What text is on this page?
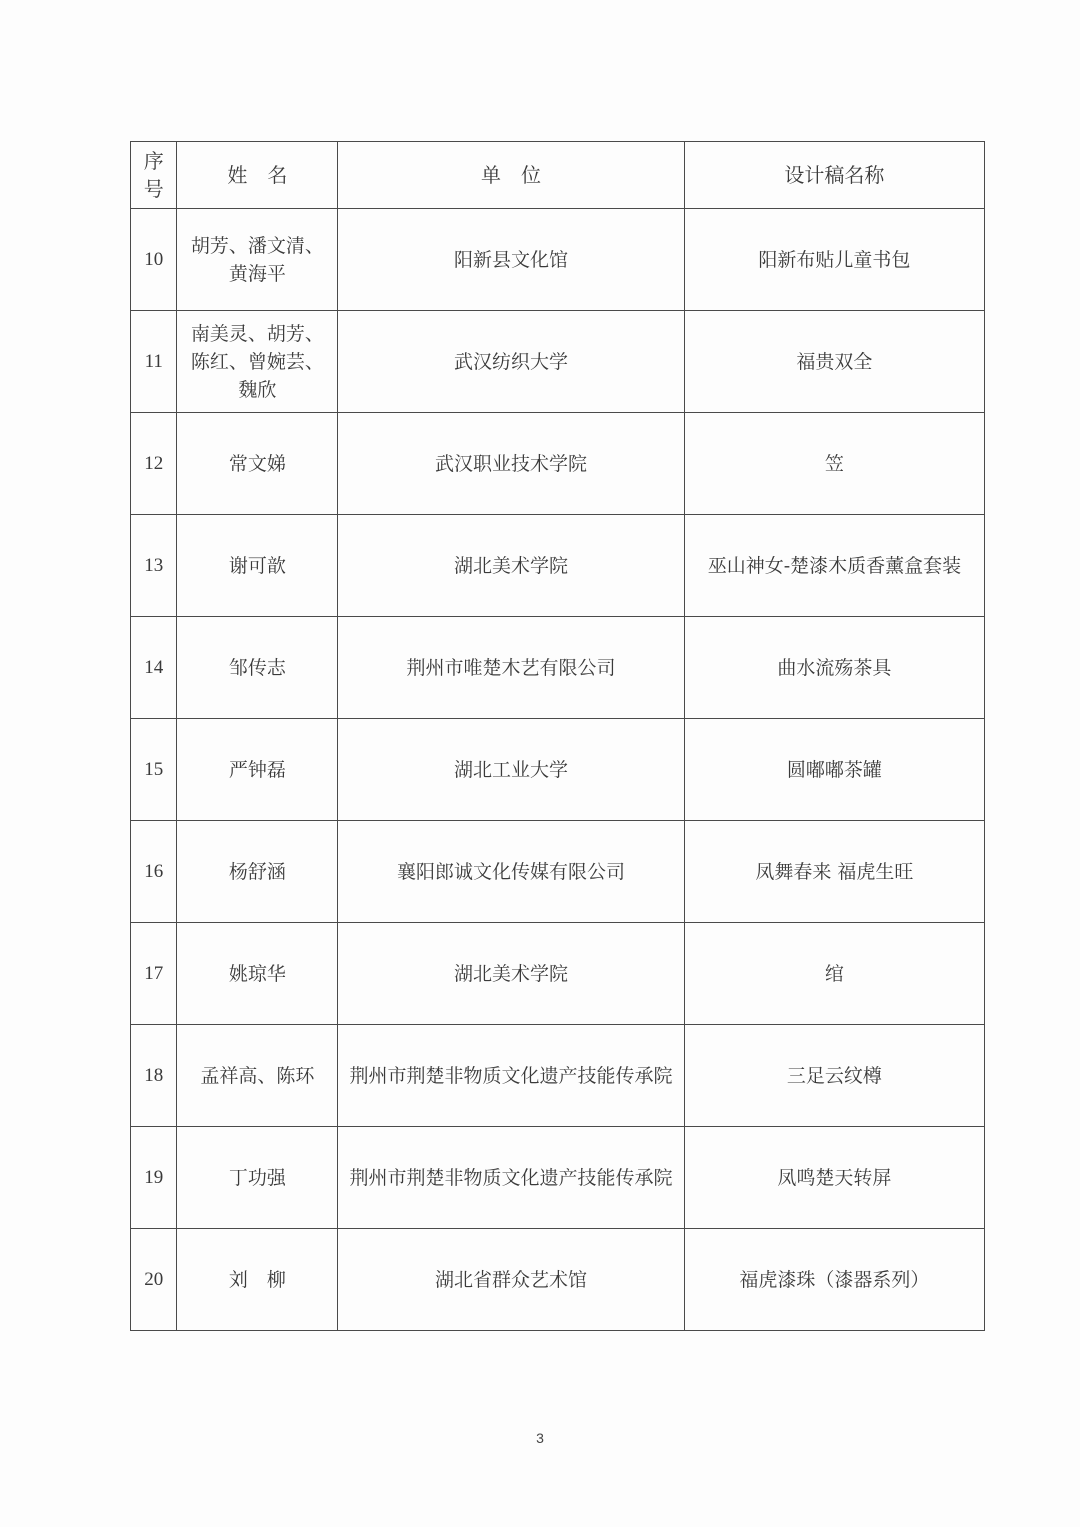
序
号	姓　名	单　位	设计稿名称
10	胡芳、潘文清、黄海平	阳新县文化馆	阳新布贴儿童书包
11	南美灵、胡芳、陈红、曾婉芸、魏欣	武汉纺织大学	福贵双全
12	常文娣	武汉职业技术学院	笠
13	谢可歆	湖北美术学院	巫山神女-楚漆木质香薰盒套装
14	邹传志	荆州市唯楚木艺有限公司	曲水流殇茶具
15	严钟磊	湖北工业大学	圆嘟嘟茶罐
16	杨舒涵	襄阳郎诚文化传媒有限公司	凤舞春来 福虎生旺
17	姚琼华	湖北美术学院	绾
18	孟祥高、陈环	荆州市荆楚非物质文化遗产技能传承院	三足云纹樽
19	丁功强	荆州市荆楚非物质文化遗产技能传承院	凤鸣楚天转屏
20	刘　柳	湖北省群众艺术馆	福虎漆珠（漆器系列）
3
